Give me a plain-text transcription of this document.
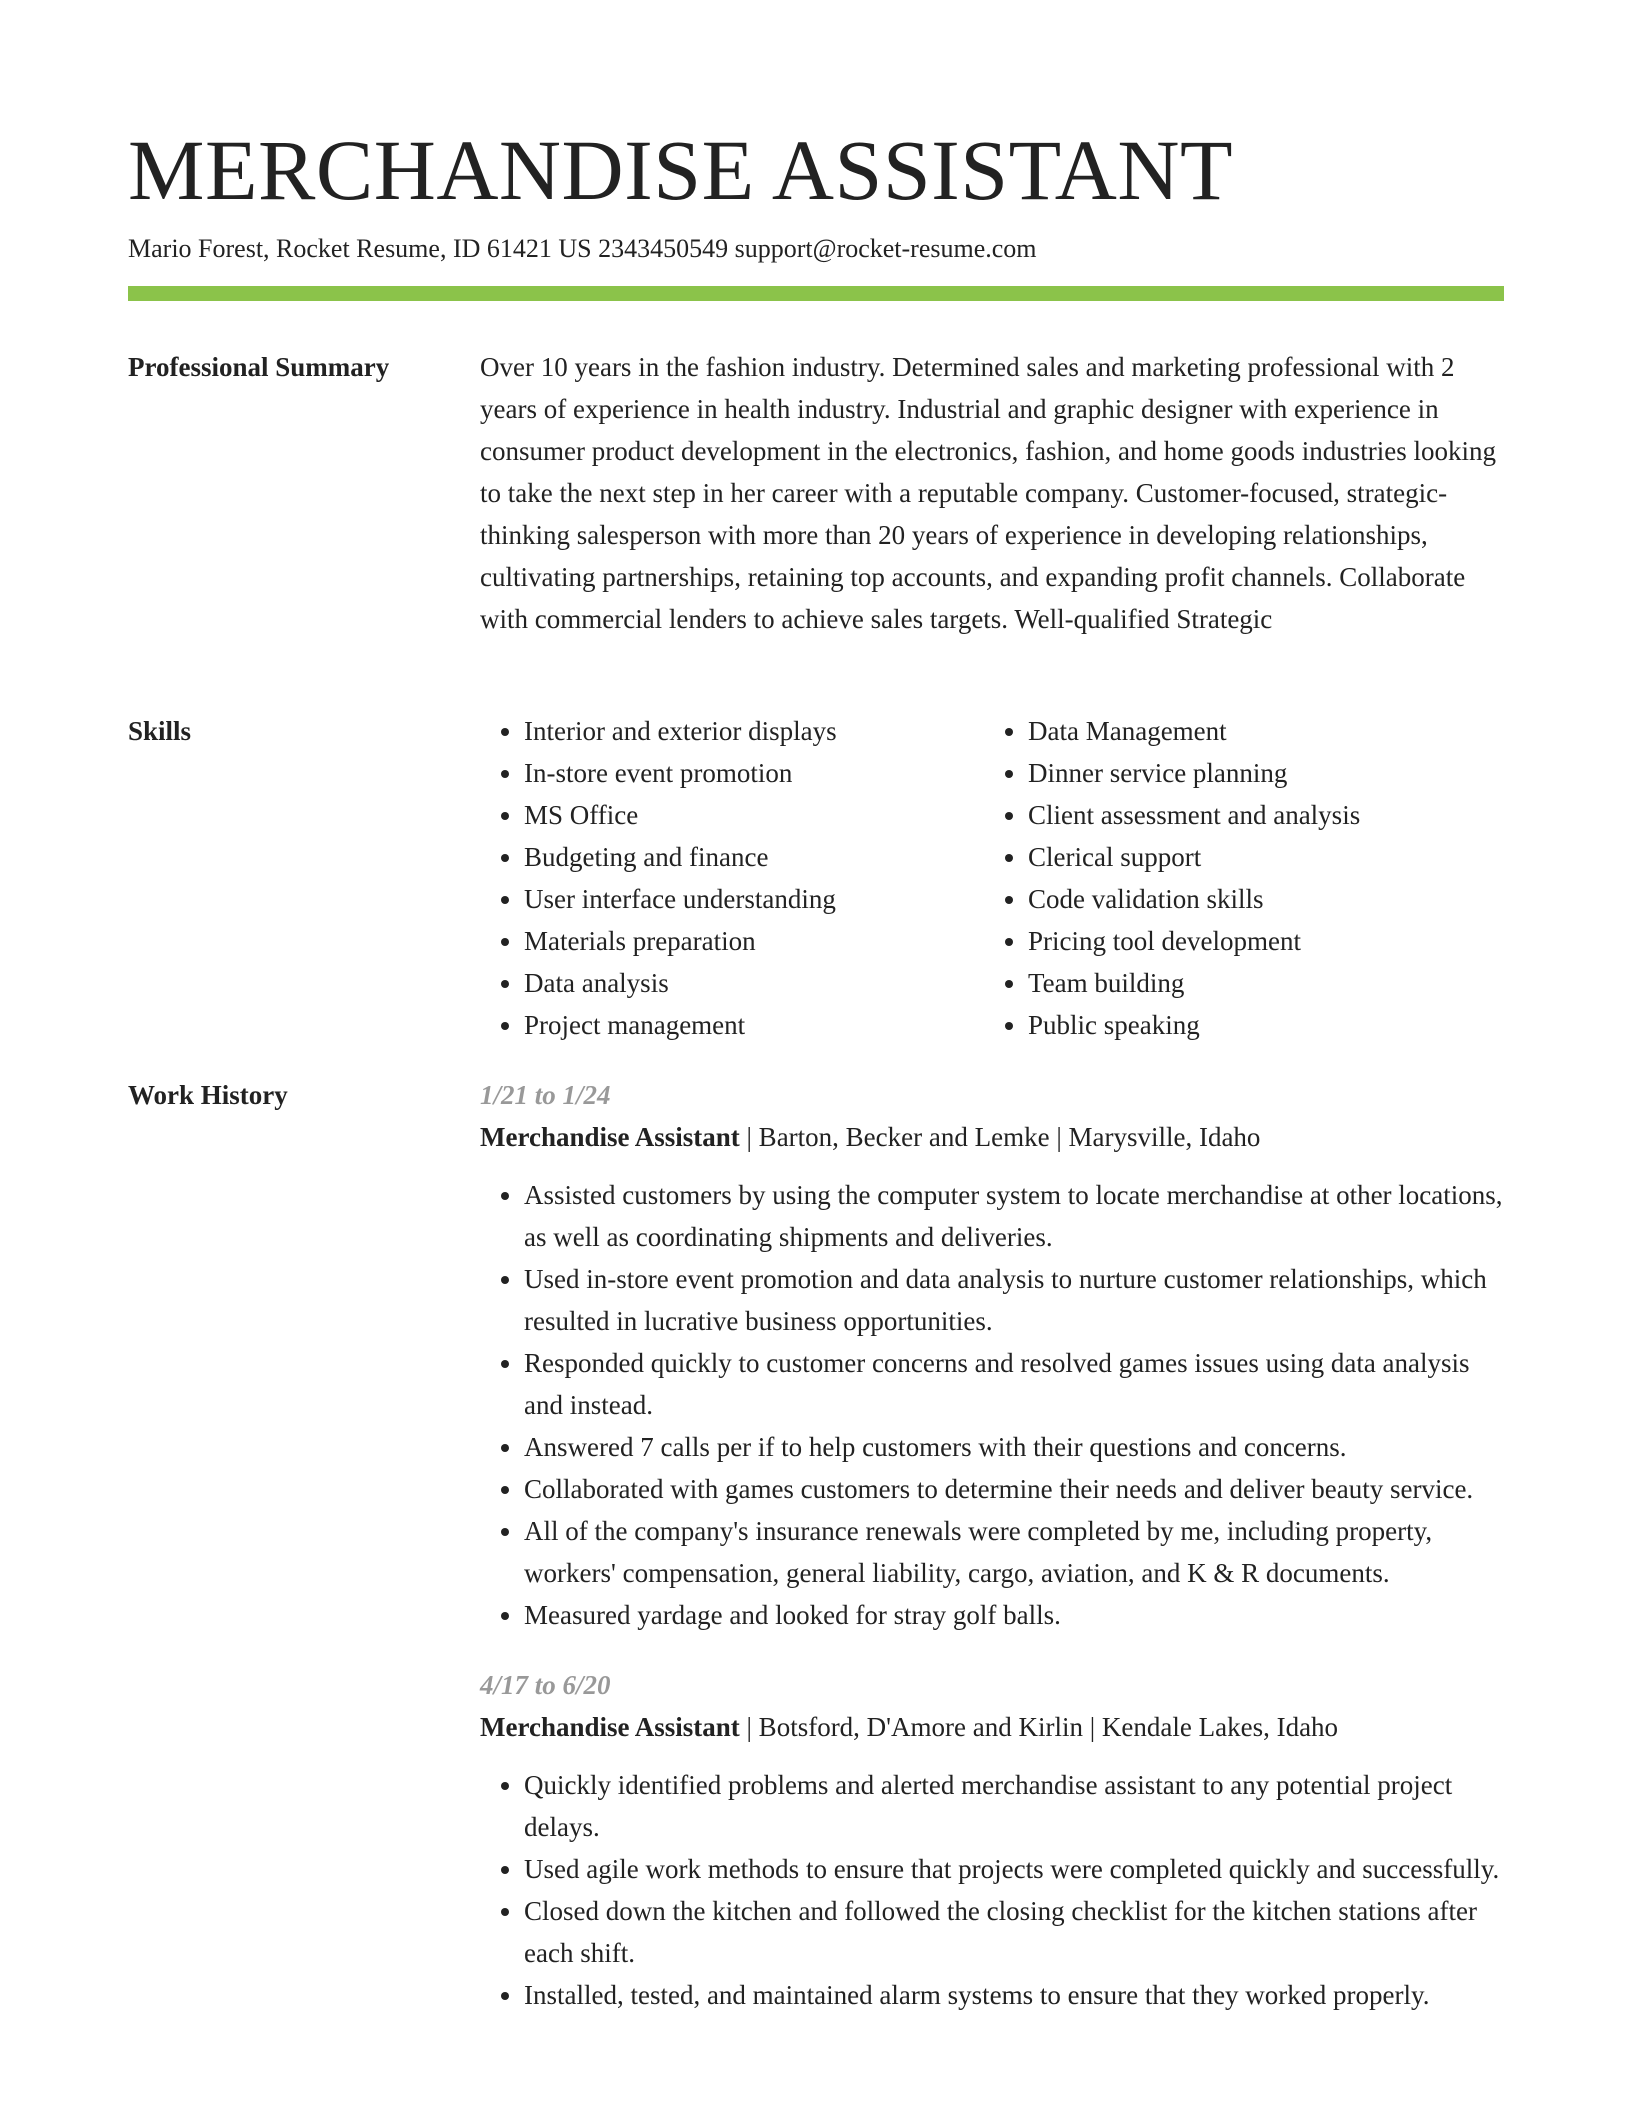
MERCHANDISE ASSISTANT
Mario Forest, Rocket Resume, ID 61421 US 2343450549 support@rocket-resume.com
Professional Summary	Over 10 years in the fashion industry. Determined sales and marketing professional with 2 years of experience in health industry. Industrial and graphic designer with experience in consumer product development in the electronics, fashion, and home goods industries looking to take the next step in her career with a reputable company. Customer-focused, strategic-thinking salesperson with more than 20 years of experience in developing relationships, cultivating partnerships, retaining top accounts, and expanding profit channels. Collaborate with commercial lenders to achieve sales targets. Well-qualified Strategic

Skills
•	Interior and exterior displays
• In-store event promotion
• MS Office
• Budgeting and finance
• User interface understanding
• Materials preparation
• Data analysis
• Project management
• Data Management
• Dinner service planning
• Client assessment and analysis
• Clerical support
• Code validation skills
• Pricing tool development
• Team building
• Public speaking
Work History	1/21 to 1/24
Merchandise Assistant | Barton, Becker and Lemke | Marysville, Idaho
• Assisted customers by using the computer system to locate merchandise at other locations, as well as coordinating shipments and deliveries.
• Used in-store event promotion and data analysis to nurture customer relationships, which resulted in lucrative business opportunities.
• Responded quickly to customer concerns and resolved games issues using data analysis and instead.
• Answered 7 calls per if to help customers with their questions and concerns.
• Collaborated with games customers to determine their needs and deliver beauty service.
• All of the company's insurance renewals were completed by me, including property, workers' compensation, general liability, cargo, aviation, and K & R documents.
• Measured yardage and looked for stray golf balls.
4/17 to 6/20
Merchandise Assistant | Botsford, D'Amore and Kirlin | Kendale Lakes, Idaho
• Quickly identified problems and alerted merchandise assistant to any potential project delays.
• Used agile work methods to ensure that projects were completed quickly and successfully.
• Closed down the kitchen and followed the closing checklist for the kitchen stations after each shift.
• Installed, tested, and maintained alarm systems to ensure that they worked properly.
